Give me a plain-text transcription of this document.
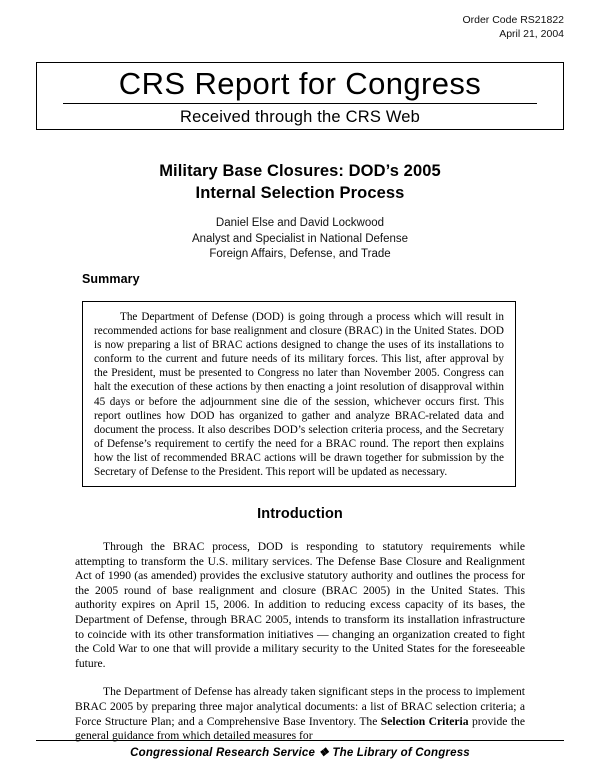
Order Code RS21822
April 21, 2004
CRS Report for Congress
Received through the CRS Web
Military Base Closures: DOD’s 2005
Internal Selection Process
Daniel Else and David Lockwood
Analyst and Specialist in National Defense
Foreign Affairs, Defense, and Trade
Summary

The Department of Defense (DOD) is going through a process which will result in recommended actions for base realignment and closure (BRAC) in the United States. DOD is now preparing a list of BRAC actions designed to change the uses of its installations to conform to the current and future needs of its military forces. This list, after approval by the President, must be presented to Congress no later than November 2005. Congress can halt the execution of these actions by then enacting a joint resolution of disapproval within 45 days or before the adjournment sine die of the session, whichever occurs first. This report outlines how DOD has organized to gather and analyze BRAC-related data and document the process. It also describes DOD’s selection criteria process, and the Secretary of Defense’s requirement to certify the need for a BRAC round. The report then explains how the list of recommended BRAC actions will be drawn together for submission by the Secretary of Defense to the President. This report will be updated as necessary.

Introduction

Through the BRAC process, DOD is responding to statutory requirements while attempting to transform the U.S. military services. The Defense Base Closure and Realignment Act of 1990 (as amended) provides the exclusive statutory authority and outlines the process for the 2005 round of base realignment and closure (BRAC 2005) in the United States. This authority expires on April 15, 2006. In addition to reducing excess capacity of its bases, the Department of Defense, through BRAC 2005, intends to transform its installation infrastructure to coincide with its other transformation initiatives — changing an organization created to fight the Cold War to one that will provide a military security to the United States for the foreseeable future.

The Department of Defense has already taken significant steps in the process to implement BRAC 2005 by preparing three major analytical documents: a list of BRAC selection criteria; a Force Structure Plan; and a Comprehensive Base Inventory. The Selection Criteria provide the general guidance from which detailed measures for

Congressional Research Service ❖ The Library of Congress
